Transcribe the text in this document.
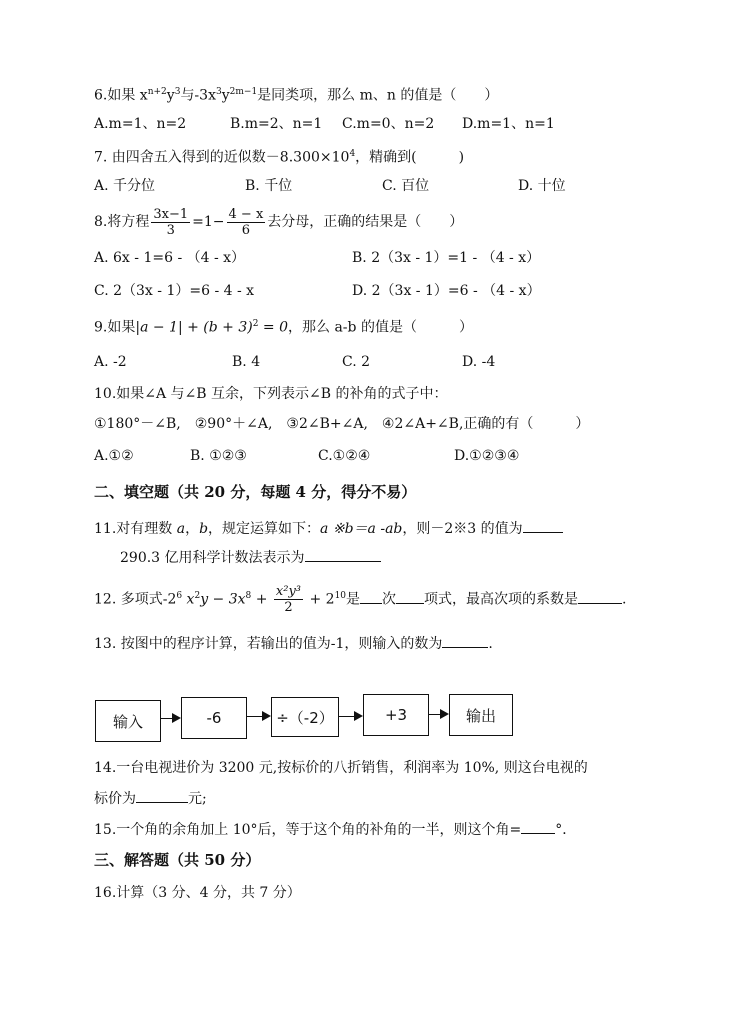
6.如果 $x^{n+2}y^3$与$-3x^3y^{2m-1}$是同类项，那么 m、n 的值是（　　）
A.m=1、n=2	B.m=2、n=1 C.m=0、n=2 D.m=1、n=1
7. 由四舍五入得到的近似数$-8.300\times 10^4$，精确到(　　　)
A. 千分位	B. 千位	C. 百位	D. 十位
8.将方程 $\frac{3x-1}{3} =1- \frac{4 - x}{6}$ 去分母，正确的结果是（　　）
A. 6x - 1=6 - （4 - x）	B. 2（3x - 1）=1 - （4 - x）
C. 2（3x - 1）=6 - 4 - x	D. 2（3x - 1）=6 - （4 - x）
9.如果$|a - 1| + (b + 3)^2 = 0$，那么 a-b 的值是（　　　）
A. -2	B. 4	C. 2	D. -4
10.如果∠A 与∠B 互余，下列表示∠B 的补角的式子中：
①180°－∠B,　②90°＋∠A,　③2∠B+∠A,　④2∠A+∠B,正确的有（　　　）
A.①②	B. ①②③	C.①②④	D.①②③④
二、填空题（共 20 分，每题 4 分，得分不易）
11.对有理数 a，b，规定运算如下：a ※b＝a -ab，则－2※3 的值为
290.3 亿用科学计数法表示为
12. 多项式$-2^6$ $x^2y - 3x^8 + \frac{\text{x²y³}}{2} + 2^{10}$是 次 项式，最高次项的系数是	.
13. 按图中的程序计算，若输出的值为-1，则输入的数为	.
输入	-6	÷（-2）	+3	输出
14.一台电视进价为 3200 元,按标价的八折销售，利润率为 10%, 则这台电视的
标价为	元;
15.一个角的余角加上 10°后，等于这个角的补角的一半，则这个角= °．
三、解答题（共 50 分）
16.计算（3 分、4 分，共 7 分）
